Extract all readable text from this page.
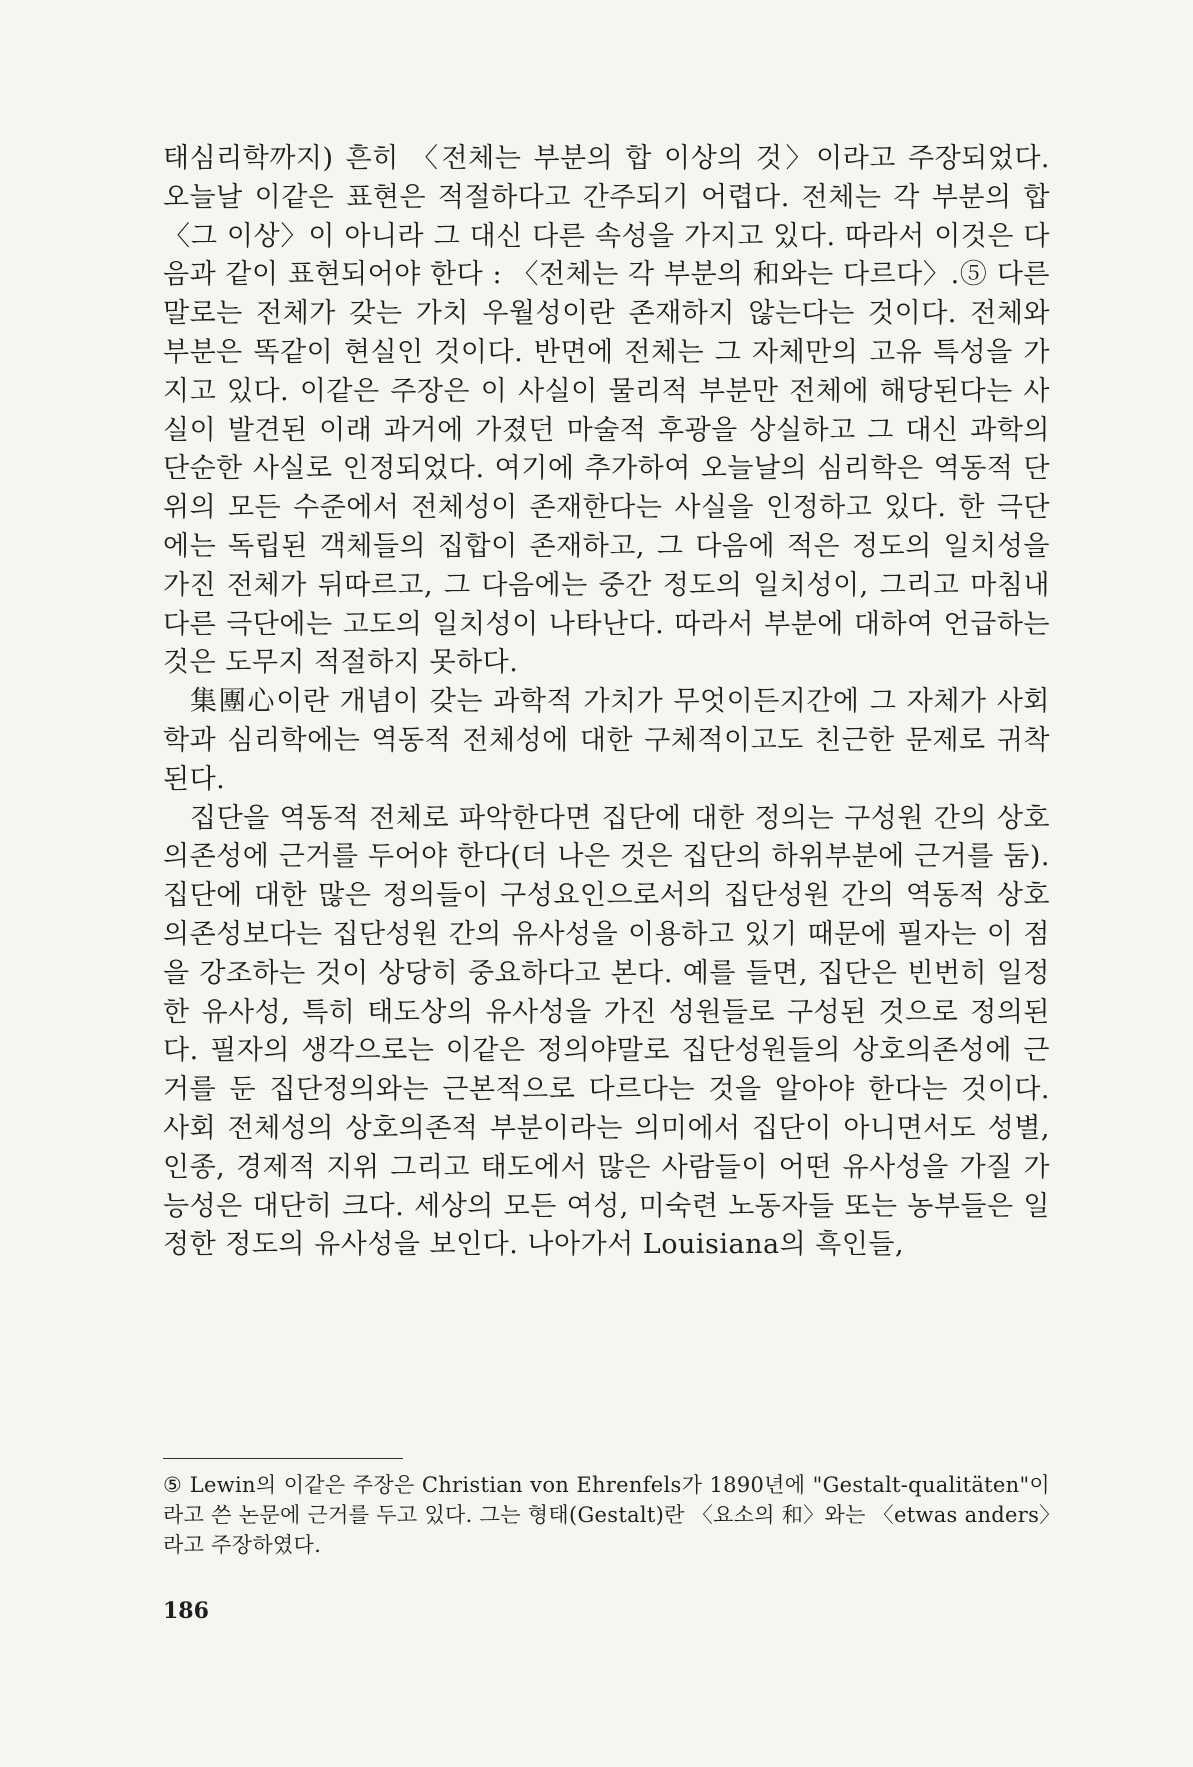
태심리학까지) 흔히 〈전체는 부분의 합 이상의 것〉이라고 주장되었다. 오늘날 이같은 표현은 적절하다고 간주되기 어렵다. 전체는 각 부분의 합 〈그 이상〉이 아니라 그 대신 다른 속성을 가지고 있다. 따라서 이것은 다음과 같이 표현되어야 한다 : 〈전체는 각 부분의 和와는 다르다〉.⑤ 다른 말로는 전체가 갖는 가치 우월성이란 존재하지 않는다는 것이다. 전체와 부분은 똑같이 현실인 것이다. 반면에 전체는 그 자체만의 고유 특성을 가지고 있다. 이같은 주장은 이 사실이 물리적 부분만 전체에 해당된다는 사실이 발견된 이래 과거에 가졌던 마술적 후광을 상실하고 그 대신 과학의 단순한 사실로 인정되었다. 여기에 추가하여 오늘날의 심리학은 역동적 단위의 모든 수준에서 전체성이 존재한다는 사실을 인정하고 있다. 한 극단에는 독립된 객체들의 집합이 존재하고, 그 다음에 적은 정도의 일치성을 가진 전체가 뒤따르고, 그 다음에는 중간 정도의 일치성이, 그리고 마침내 다른 극단에는 고도의 일치성이 나타난다. 따라서 부분에 대하여 언급하는 것은 도무지 적절하지 못하다.

集團心이란 개념이 갖는 과학적 가치가 무엇이든지간에 그 자체가 사회학과 심리학에는 역동적 전체성에 대한 구체적이고도 친근한 문제로 귀착된다.

집단을 역동적 전체로 파악한다면 집단에 대한 정의는 구성원 간의 상호의존성에 근거를 두어야 한다(더 나은 것은 집단의 하위부분에 근거를 둠). 집단에 대한 많은 정의들이 구성요인으로서의 집단성원 간의 역동적 상호의존성보다는 집단성원 간의 유사성을 이용하고 있기 때문에 필자는 이 점을 강조하는 것이 상당히 중요하다고 본다. 예를 들면, 집단은 빈번히 일정한 유사성, 특히 태도상의 유사성을 가진 성원들로 구성된 것으로 정의된다. 필자의 생각으로는 이같은 정의야말로 집단성원들의 상호의존성에 근거를 둔 집단정의와는 근본적으로 다르다는 것을 알아야 한다는 것이다. 사회 전체성의 상호의존적 부분이라는 의미에서 집단이 아니면서도 성별, 인종, 경제적 지위 그리고 태도에서 많은 사람들이 어떤 유사성을 가질 가능성은 대단히 크다. 세상의 모든 여성, 미숙련 노동자들 또는 농부들은 일정한 정도의 유사성을 보인다. 나아가서 Louisiana의 흑인들,

⑤ Lewin의 이같은 주장은 Christian von Ehrenfels가 1890년에 "Gestalt-qualitäten"이라고 쓴 논문에 근거를 두고 있다. 그는 형태(Gestalt)란 〈요소의 和〉와는 〈etwas anders〉라고 주장하였다.
186
